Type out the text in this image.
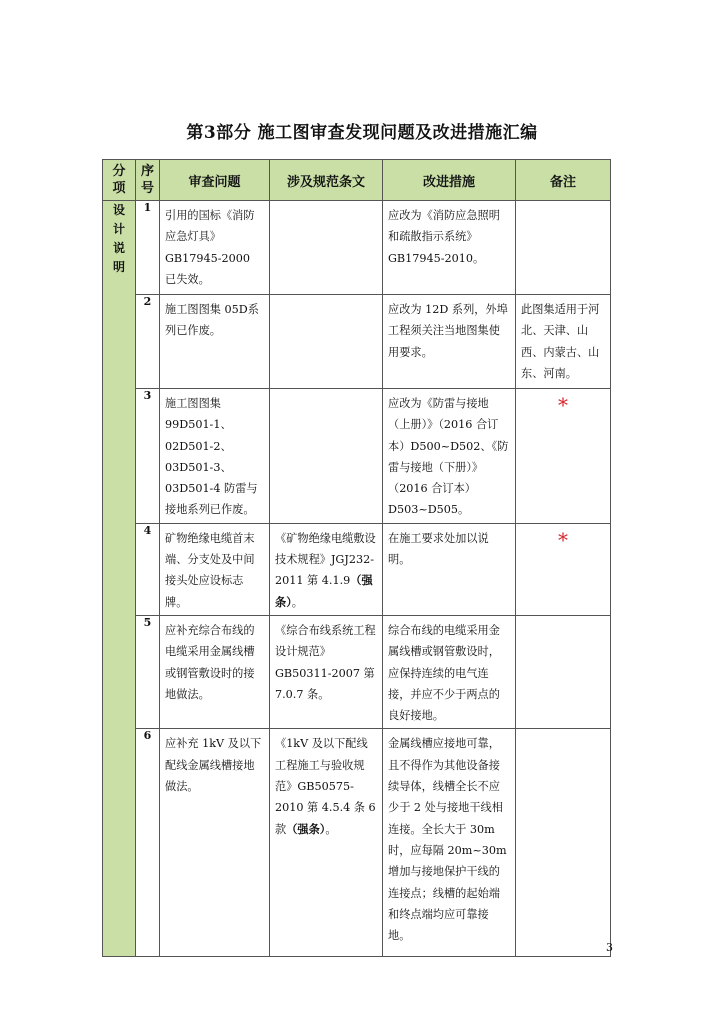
第3部分 施工图审查发现问题及改进措施汇编
分项	序号	审查问题	涉及规范条文	改进措施	备注
设计说明	1	引用的国标《消防应急灯具》GB17945-2000 已失效。		应改为《消防应急照明和疏散指示系统》GB17945-2010。	

	2	施工图图集 05D系列已作废。		应改为 12D 系列，外埠工程须关注当地图集使用要求。	此图集适用于河北、天津、山西、内蒙古、山东、河南。

	3	施工图图集99D501-1、02D501-2、03D501-3、03D501-4 防雷与接地系列已作废。		应改为《防雷与接地（上册）》（2016 合订本）D500~D502、《防雷与接地（下册）》（2016 合订本）D503~D505。	*

	4	矿物绝缘电缆首末端、分支处及中间接头处应设标志牌。	《矿物绝缘电缆敷设技术规程》JGJ232-2011 第 4.1.9（强条）。	在施工要求处加以说明。	*

	5	应补充综合布线的电缆采用金属线槽或钢管敷设时的接地做法。	《综合布线系统工程设计规范》GB50311-2007 第 7.0.7 条。	综合布线的电缆采用金属线槽或钢管敷设时，应保持连续的电气连接，并应不少于两点的良好接地。	

	6	应补充 1kV 及以下配线金属线槽接地做法。	《1kV 及以下配线工程施工与验收规范》GB50575-2010 第 4.5.4 条 6 款（强条）。	金属线槽应接地可靠，且不得作为其他设备接续导体，线槽全长不应少于 2 处与接地干线相连接。全长大于 30m 时，应每隔 20m~30m 增加与接地保护干线的连接点；线槽的起始端和终点端均应可靠接地。	

3
